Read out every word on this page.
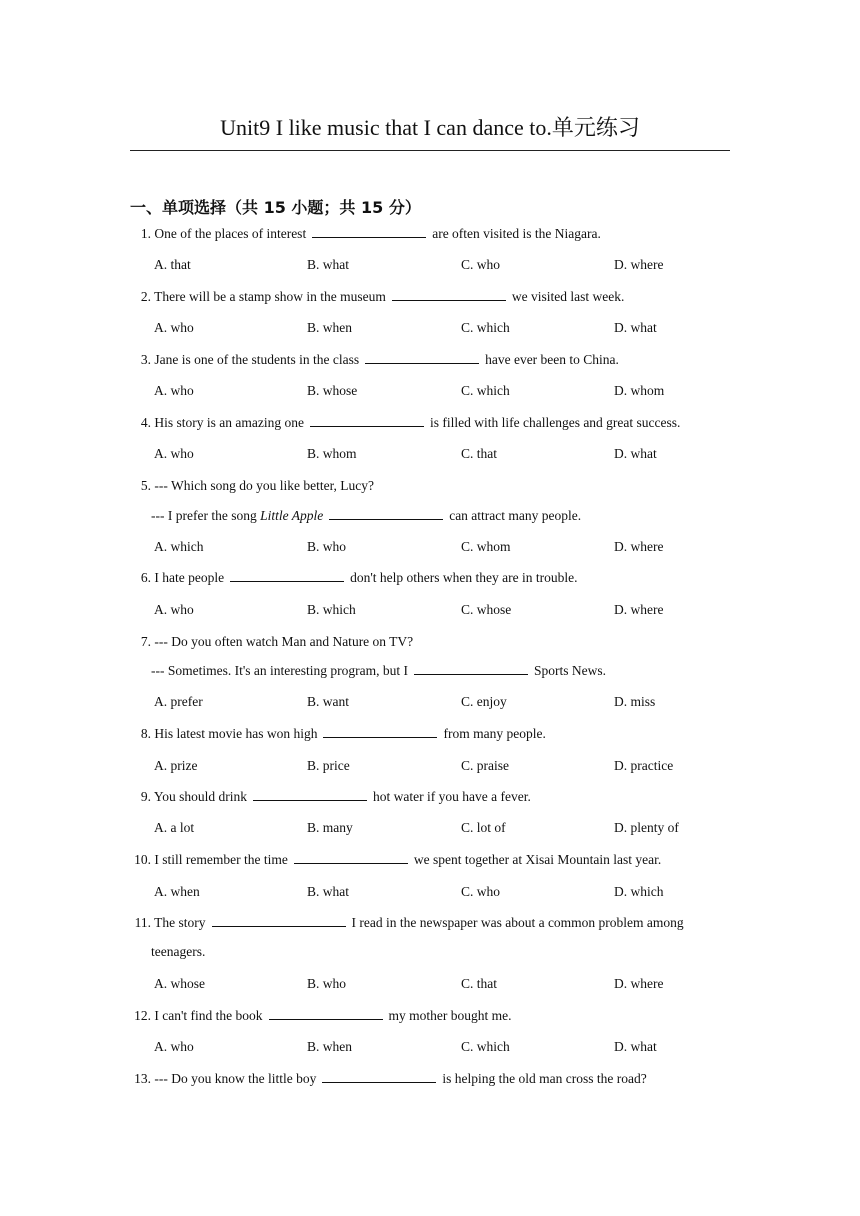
Unit9 I like music that I can dance to.单元练习
一、单项选择（共 15 小题；共 15 分）
1. One of the places of interest	are often visited is the Niagara.
A. that	B. what	C. who	D. where
2. There will be a stamp show in the museum	we visited last week.
A. who	B. when	C. which	D. what
3. Jane is one of the students in the class	have ever been to China.
A. who	B. whose	C. which	D. whom
4. His story is an amazing one	is filled with life challenges and great success.
A. who	B. whom	C. that	D. what
5. --- Which song do you like better, Lucy?
--- I prefer the song Little Apple	can attract many people.
A. which	B. who	C. whom	D. where
6. I hate people	don't help others when they are in trouble.
A. who	B. which	C. whose	D. where
7. --- Do you often watch Man and Nature on TV?
--- Sometimes. It's an interesting program, but I	Sports News.
A. prefer	B. want	C. enjoy	D. miss
8. His latest movie has won high	from many people.
A. prize	B. price	C. praise	D. practice
9. You should drink	hot water if you have a fever.
A. a lot	B. many	C. lot of	D. plenty of
10. I still remember the time	we spent together at Xisai Mountain last year.
A. when	B. what	C. who	D. which
11. The story	I read in the newspaper was about a common problem among
teenagers.
A. whose	B. who	C. that	D. where
12. I can't find the book	my mother bought me.
A. who	B. when	C. which	D. what
13. --- Do you know the little boy	is helping the old man cross the road?
